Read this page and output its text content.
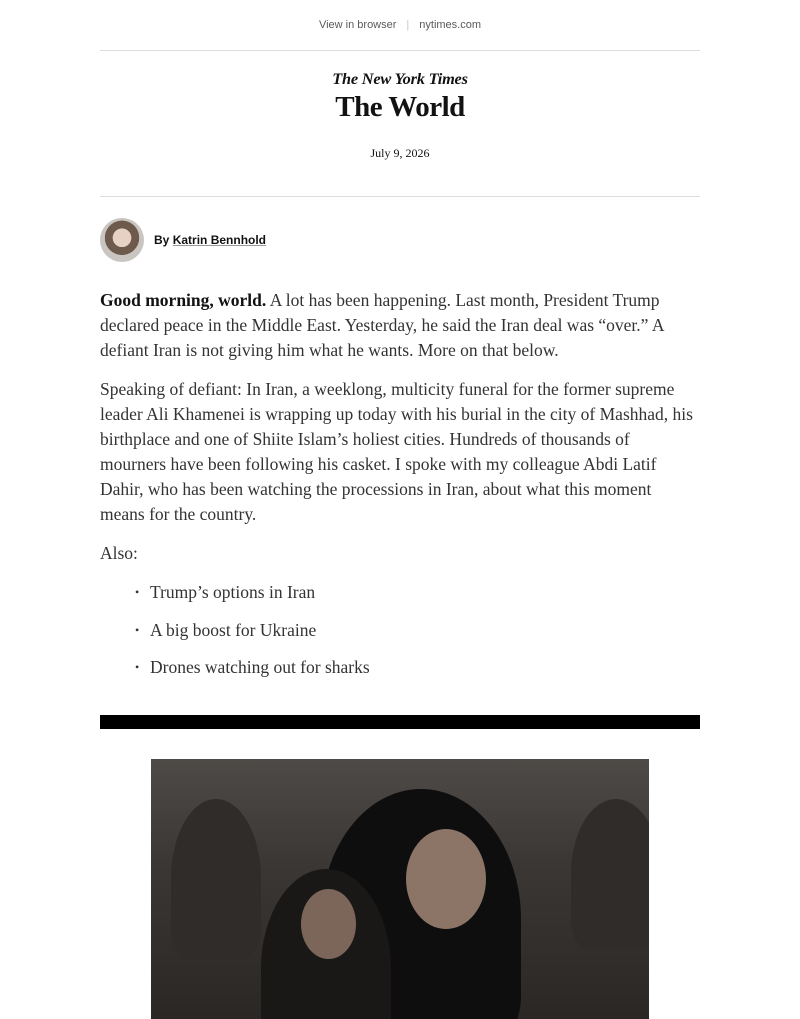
View in browser | nytimes.com
The New York Times
The World
July 9, 2026
By Katrin Bennhold

Good morning, world. A lot has been happening. Last month, President Trump declared peace in the Middle East. Yesterday, he said the Iran deal was “over.” A defiant Iran is not giving him what he wants. More on that below.

Speaking of defiant: In Iran, a weeklong, multicity funeral for the former supreme leader Ali Khamenei is wrapping up today with his burial in the city of Mashhad, his birthplace and one of Shiite Islam’s holiest cities. Hundreds of thousands of mourners have been following his casket. I spoke with my colleague Abdi Latif Dahir, who has been watching the processions in Iran, about what this moment means for the country.

Also:

• Trump’s options in Iran
• A big boost for Ukraine
• Drones watching out for sharks
